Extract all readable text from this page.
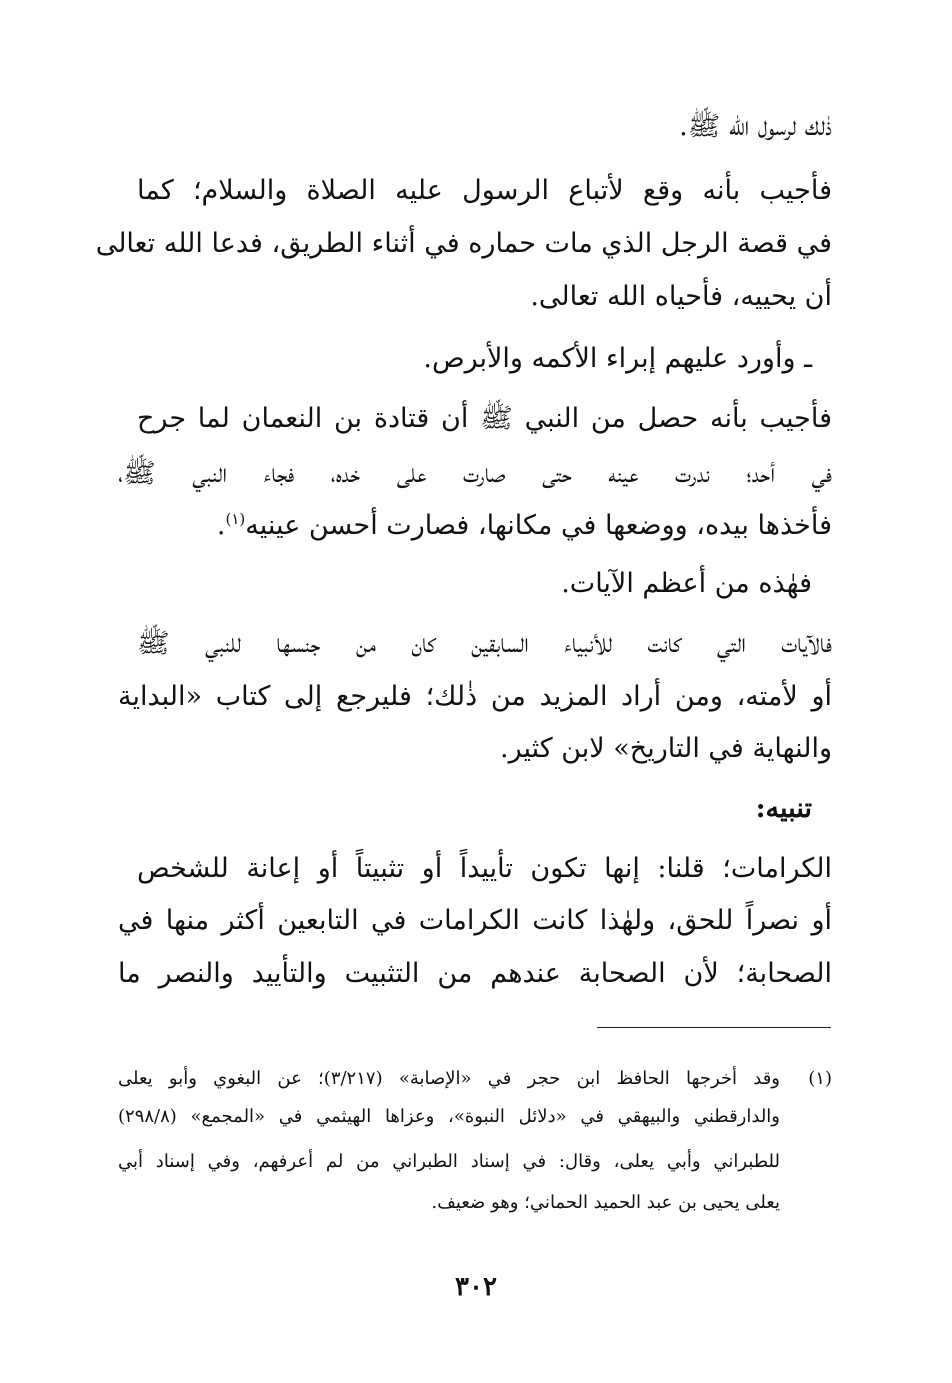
ذٰلك لرسول الله ﷺ.
فأجيب بأنه وقع لأتباع الرسول عليه الصلاة والسلام؛ كما
في قصة الرجل الذي مات حماره في أثناء الطريق، فدعا الله تعالى
أن يحييه، فأحياه الله تعالى.
ـ وأورد عليهم إبراء الأكمه والأبرص.
فأجيب بأنه حصل من النبي ﷺ أن قتادة بن النعمان لما جرح
في أحد؛ ندرت عينه حتى صارت على خده، فجاء النبي ﷺ،
فأخذها بيده، ووضعها في مكانها، فصارت أحسن عينيه$^{(١)}$.
فهٰذه من أعظم الآيات.
فالآيات التي كانت للأنبياء السابقين كان من جنسها للنبي ﷺ
أو لأمته، ومن أراد المزيد من ذٰلك؛ فليرجع إلى كتاب «البداية
والنهاية في التاريخ» لابن كثير.
تنبيه:
الكرامات؛ قلنا: إنها تكون تأييداً أو تثبيتاً أو إعانة للشخص
أو نصراً للحق، ولهٰذا كانت الكرامات في التابعين أكثر منها في
الصحابة؛ لأن الصحابة عندهم من التثبيت والتأييد والنصر ما
(١)
وقد أخرجها الحافظ ابن حجر في «الإصابة» (٣/٢١٧)؛ عن البغوي وأبو يعلى
والدارقطني والبيهقي في «دلائل النبوة»، وعزاها الهيثمي في «المجمع» (٢٩٨/٨)
للطبراني وأبي يعلى، وقال: في إسناد الطبراني من لم أعرفهم، وفي إسناد أبي
يعلى يحيى بن عبد الحميد الحماني؛ وهو ضعيف.
٣٠٢
